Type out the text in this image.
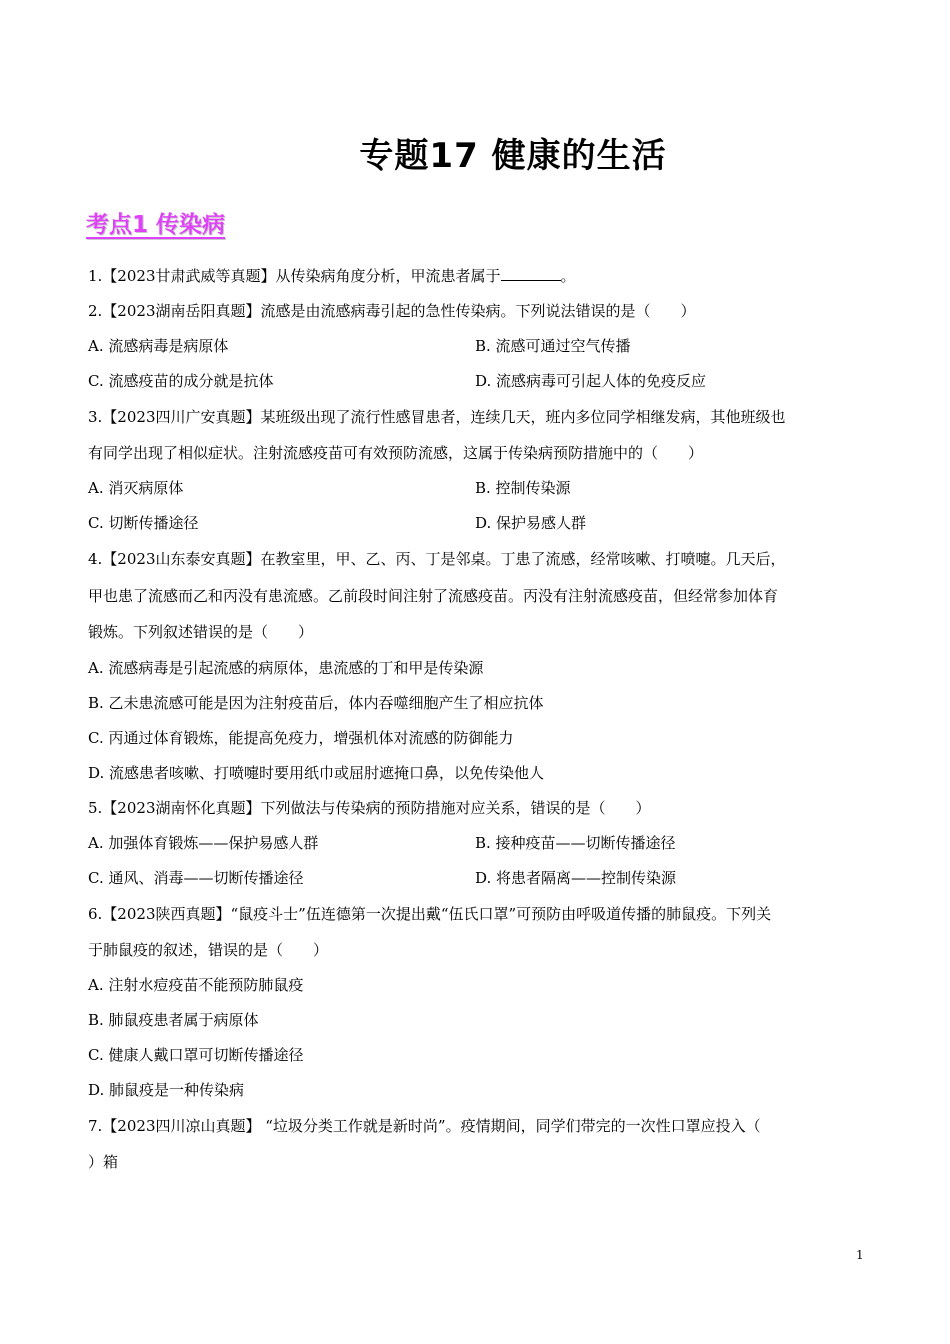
专题17 健康的生活
考点1 传染病
1.【2023甘肃武威等真题】从传染病角度分析，甲流患者属于	。
2.【2023湖南岳阳真题】流感是由流感病毒引起的急性传染病。下列说法错误的是（　　）
A. 流感病毒是病原体	B. 流感可通过空气传播
C. 流感疫苗的成分就是抗体	D. 流感病毒可引起人体的免疫反应
3.【2023四川广安真题】某班级出现了流行性感冒患者，连续几天，班内多位同学相继发病，其他班级也
有同学出现了相似症状。注射流感疫苗可有效预防流感，这属于传染病预防措施中的（　　）
A. 消灭病原体	B. 控制传染源
C. 切断传播途径	D. 保护易感人群
4.【2023山东泰安真题】在教室里，甲、乙、丙、丁是邻桌。丁患了流感，经常咳嗽、打喷嚏。几天后，
甲也患了流感而乙和丙没有患流感。乙前段时间注射了流感疫苗。丙没有注射流感疫苗，但经常参加体育
锻炼。下列叙述错误的是（　　）
A. 流感病毒是引起流感的病原体，患流感的丁和甲是传染源
B. 乙未患流感可能是因为注射疫苗后，体内吞噬细胞产生了相应抗体
C. 丙通过体育锻炼，能提高免疫力，增强机体对流感的防御能力
D. 流感患者咳嗽、打喷嚏时要用纸巾或屈肘遮掩口鼻，以免传染他人
5.【2023湖南怀化真题】下列做法与传染病的预防措施对应关系，错误的是（　　）
A. 加强体育锻炼——保护易感人群	B. 接种疫苗——切断传播途径
C. 通风、消毒——切断传播途径	D. 将患者隔离——控制传染源
6.【2023陕西真题】“鼠疫斗士”伍连德第一次提出戴“伍氏口罩”可预防由呼吸道传播的肺鼠疫。下列关
于肺鼠疫的叙述，错误的是（　　）
A. 注射水痘疫苗不能预防肺鼠疫
B. 肺鼠疫患者属于病原体
C. 健康人戴口罩可切断传播途径
D. 肺鼠疫是一种传染病
7.【2023四川凉山真题】 “垃圾分类工作就是新时尚”。疫情期间，同学们带完的一次性口罩应投入（
）箱
1
